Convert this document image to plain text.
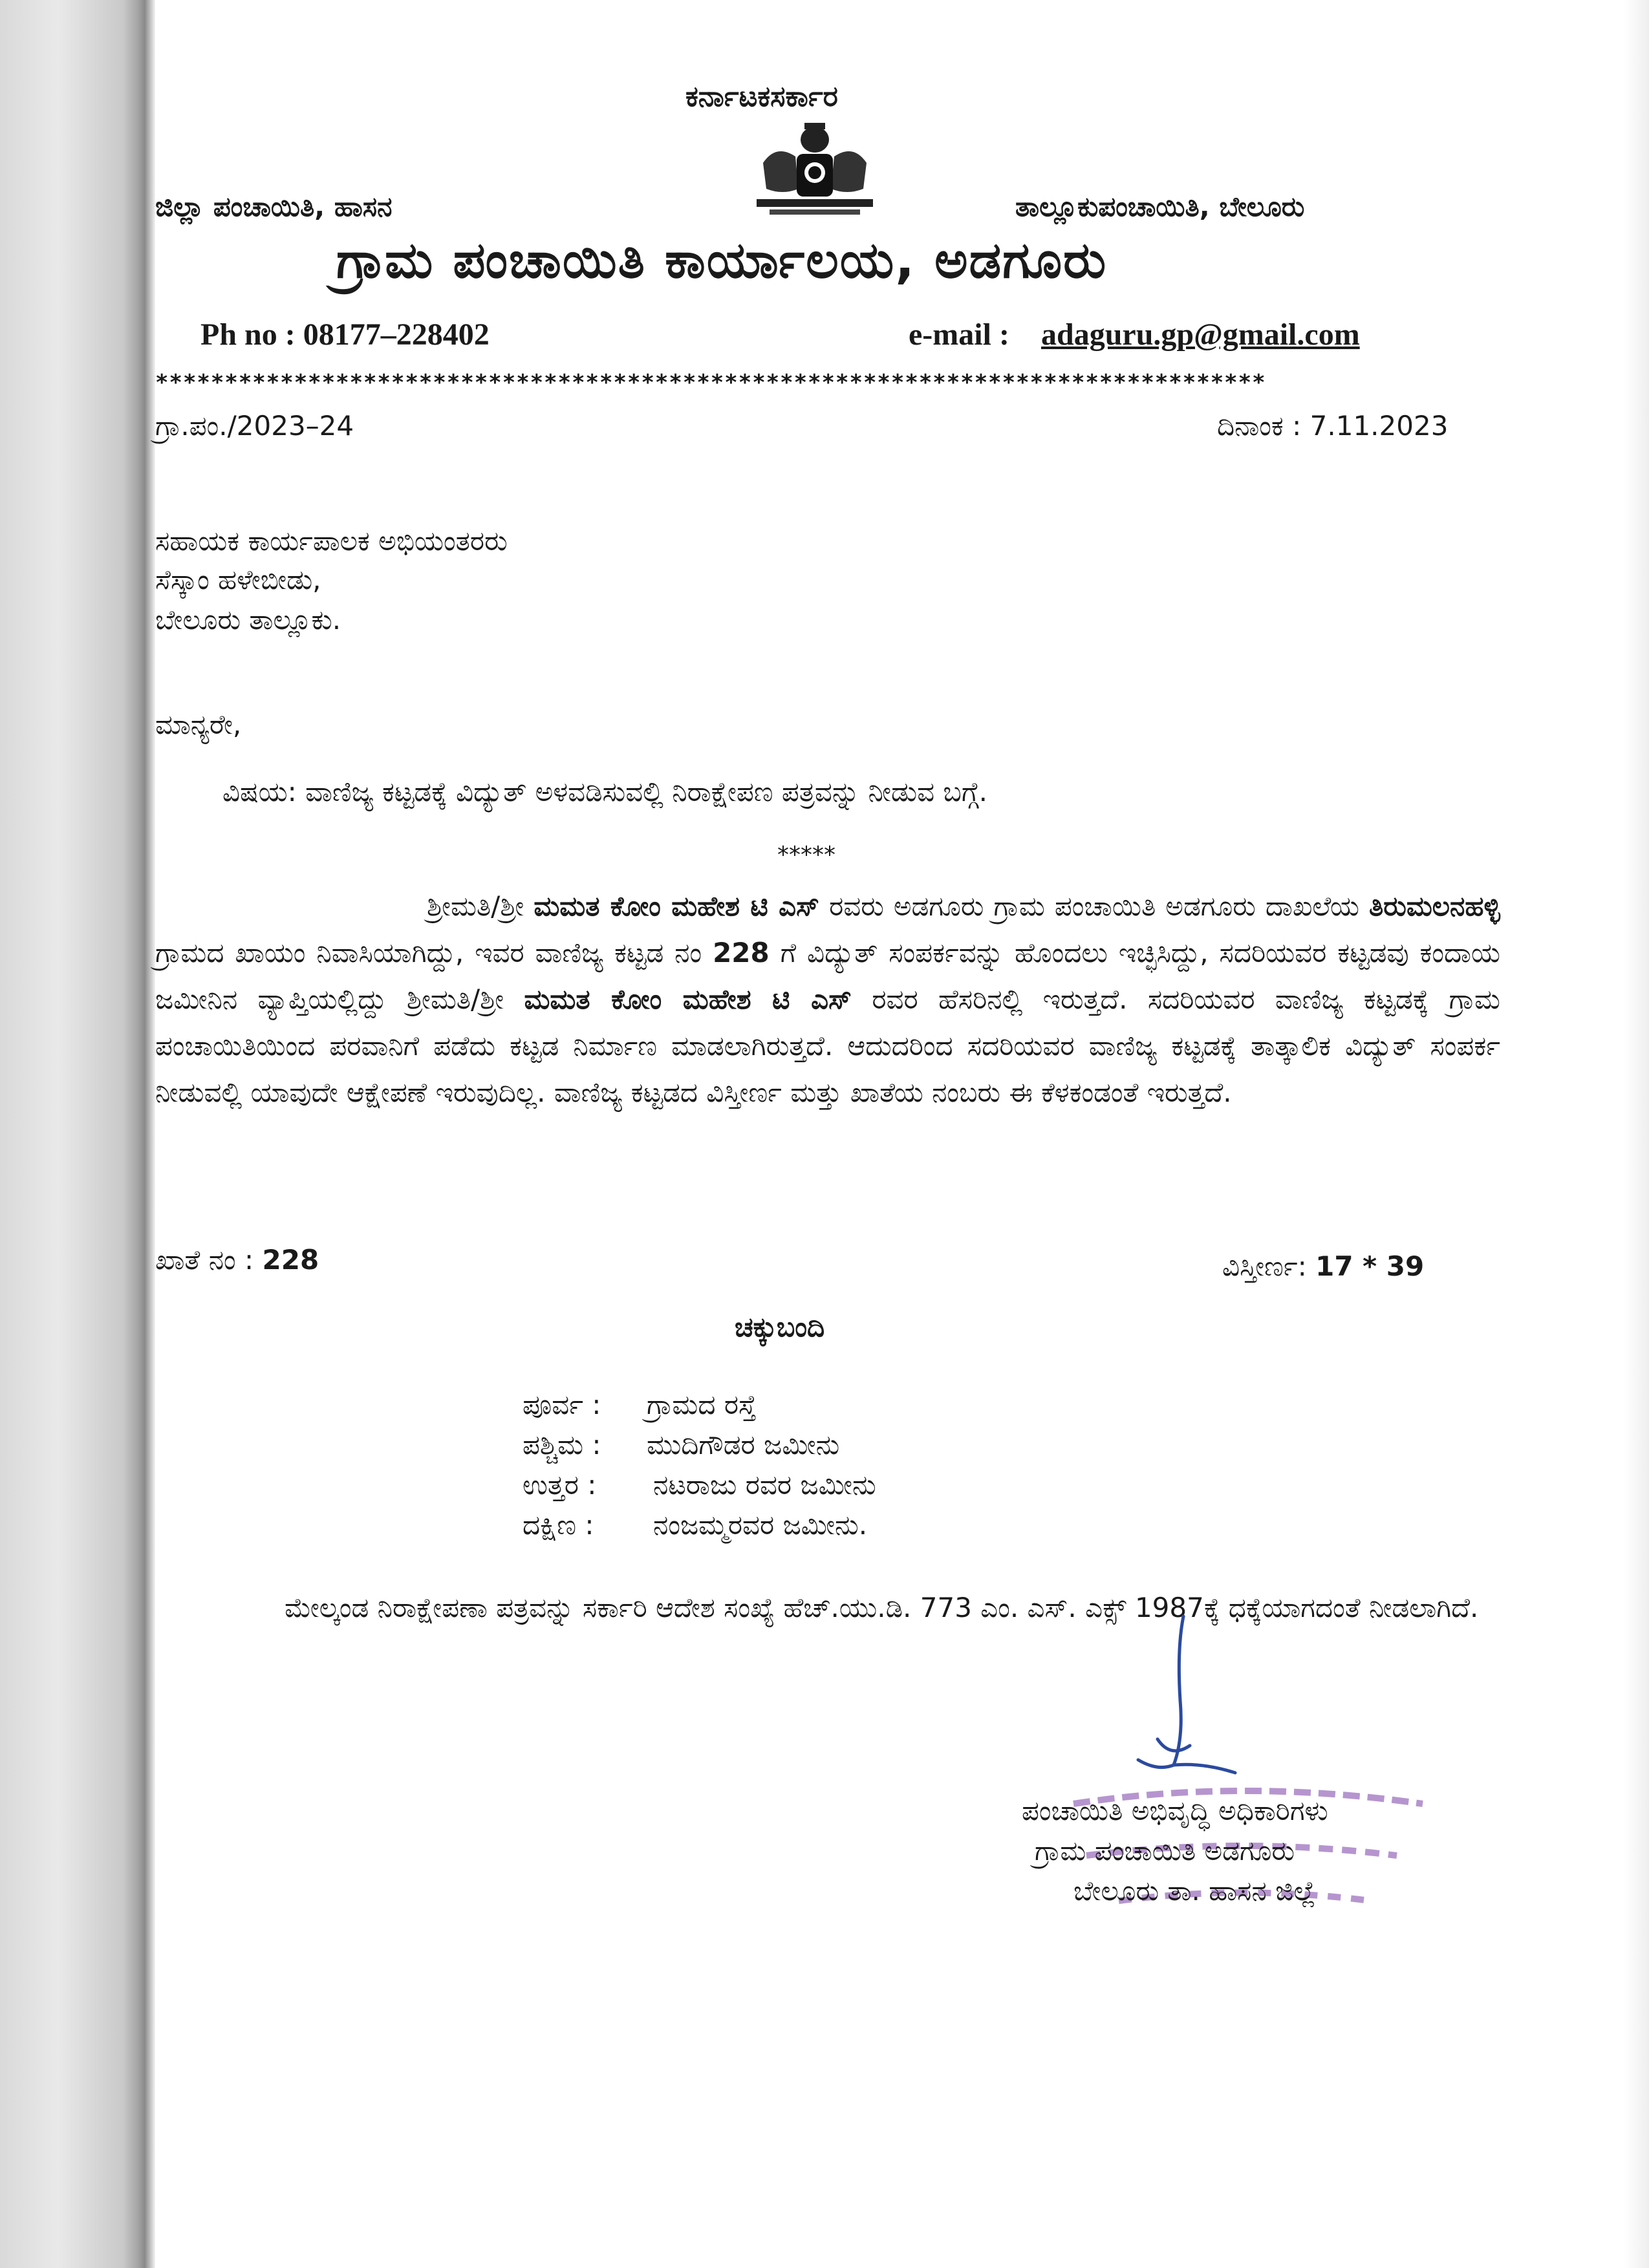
ಕರ್ನಾಟಕಸರ್ಕಾರ
ಜಿಲ್ಲಾ ಪಂಚಾಯಿತಿ, ಹಾಸನ	ತಾಲ್ಲೂಕುಪಂಚಾಯಿತಿ, ಬೇಲೂರು
ಗ್ರಾಮ ಪಂಚಾಯಿತಿ ಕಾರ್ಯಾಲಯ, ಅಡಗೂರು
Ph no : 08177–228402	e-mail : adaguru.gp@gmail.com
********************************************************************************
ಗ್ರಾ.ಪಂ./2023–24	ದಿನಾಂಕ : 7.11.2023
ಸಹಾಯಕ ಕಾರ್ಯಪಾಲಕ ಅಭಿಯಂತರರು
ಸೆಸ್ಕಾಂ ಹಳೇಬೀಡು,
ಬೇಲೂರು ತಾಲ್ಲೂಕು.
ಮಾನ್ಯರೇ,
ವಿಷಯ: ವಾಣಿಜ್ಯ ಕಟ್ಟಡಕ್ಕೆ ವಿದ್ಯುತ್ ಅಳವಡಿಸುವಲ್ಲಿ ನಿರಾಕ್ಷೇಪಣ ಪತ್ರವನ್ನು ನೀಡುವ ಬಗ್ಗೆ.
*****
ಶ್ರೀಮತಿ/ಶ್ರೀ ಮಮತ ಕೋಂ ಮಹೇಶ ಟಿ ಎಸ್ ರವರು ಅಡಗೂರು ಗ್ರಾಮ ಪಂಚಾಯಿತಿ ಅಡಗೂರು ದಾಖಲೆಯ ತಿರುಮಲನಹಳ್ಳಿ ಗ್ರಾಮದ ಖಾಯಂ ನಿವಾಸಿಯಾಗಿದ್ದು, ಇವರ ವಾಣಿಜ್ಯ ಕಟ್ಟಡ ನಂ 228 ಗೆ ವಿದ್ಯುತ್ ಸಂಪರ್ಕವನ್ನು ಹೊಂದಲು ಇಚ್ಛಿಸಿದ್ದು, ಸದರಿಯವರ ಕಟ್ಟಡವು ಕಂದಾಯ ಜಮೀನಿನ ವ್ಯಾಪ್ತಿಯಲ್ಲಿದ್ದು ಶ್ರೀಮತಿ/ಶ್ರೀ ಮಮತ ಕೋಂ ಮಹೇಶ ಟಿ ಎಸ್ ರವರ ಹೆಸರಿನಲ್ಲಿ ಇರುತ್ತದೆ. ಸದರಿಯವರ ವಾಣಿಜ್ಯ ಕಟ್ಟಡಕ್ಕೆ ಗ್ರಾಮ ಪಂಚಾಯಿತಿಯಿಂದ ಪರವಾನಿಗೆ ಪಡೆದು ಕಟ್ಟಡ ನಿರ್ಮಾಣ ಮಾಡಲಾಗಿರುತ್ತದೆ. ಆದುದರಿಂದ ಸದರಿಯವರ ವಾಣಿಜ್ಯ ಕಟ್ಟಡಕ್ಕೆ ತಾತ್ಕಾಲಿಕ ವಿದ್ಯುತ್ ಸಂಪರ್ಕ ನೀಡುವಲ್ಲಿ ಯಾವುದೇ ಆಕ್ಷೇಪಣೆ ಇರುವುದಿಲ್ಲ. ವಾಣಿಜ್ಯ ಕಟ್ಟಡದ ವಿಸ್ತೀರ್ಣ ಮತ್ತು ಖಾತೆಯ ನಂಬರು ಈ ಕೆಳಕಂಡಂತೆ ಇರುತ್ತದೆ.
ಖಾತೆ ನಂ : 228	ವಿಸ್ತೀರ್ಣ: 17 * 39
ಚಕ್ಕುಬಂದಿ
ಪೂರ್ವ : ಗ್ರಾಮದ ರಸ್ತೆ
ಪಶ್ಚಿಮ : ಮುದಿಗೌಡರ ಜಮೀನು
ಉತ್ತರ : ನಟರಾಜು ರವರ ಜಮೀನು
ದಕ್ಷಿಣ : ನಂಜಮ್ಮರವರ ಜಮೀನು.
ಮೇಲ್ಕಂಡ ನಿರಾಕ್ಷೇಪಣಾ ಪತ್ರವನ್ನು ಸರ್ಕಾರಿ ಆದೇಶ ಸಂಖ್ಯೆ ಹೆಚ್.ಯು.ಡಿ. 773 ಎಂ. ಎಸ್. ಎಕ್ಸ್ 1987ಕ್ಕೆ ಧಕ್ಕೆಯಾಗದಂತೆ ನೀಡಲಾಗಿದೆ.
ಪಂಚಾಯಿತಿ ಅಭಿವೃದ್ಧಿ ಅಧಿಕಾರಿಗಳು
ಗ್ರಾಮ ಪಂಚಾಯಿತಿ ಅಡಗೂರು
ಬೇಲೂರು ತಾ. ಹಾಸನ ಜಿಲ್ಲೆ
